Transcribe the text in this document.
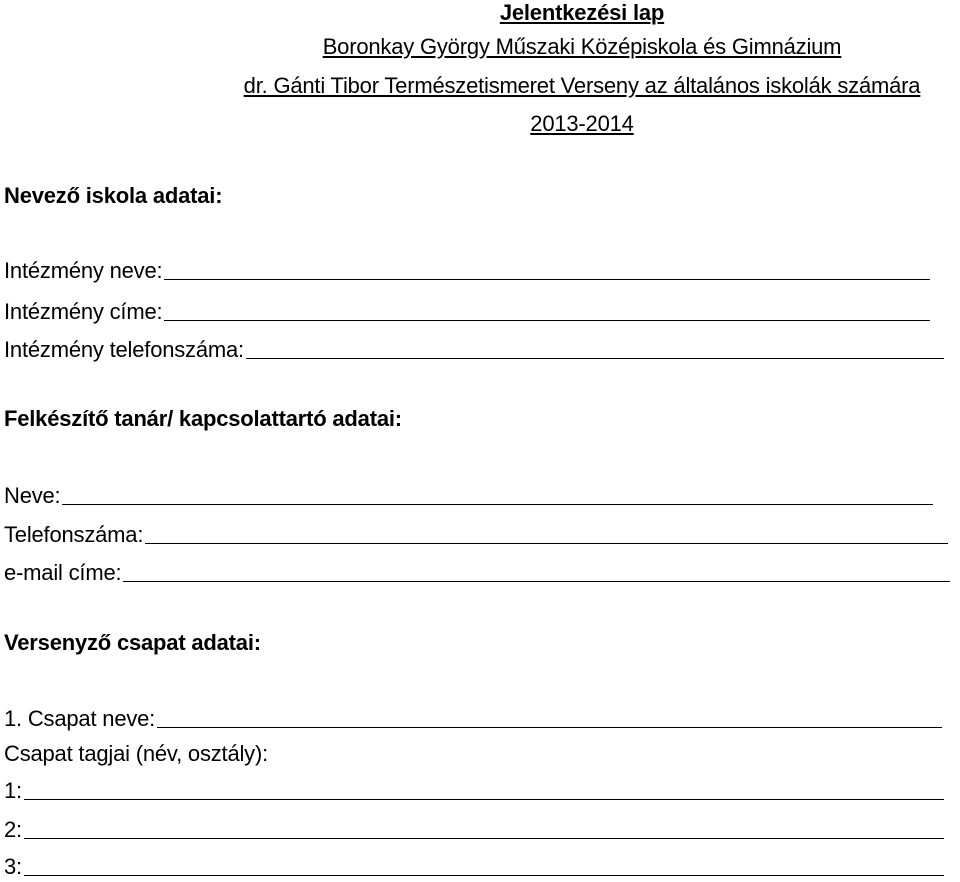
Jelentkezési lap
Boronkay György Műszaki Középiskola és Gimnázium
dr. Gánti Tibor Természetismeret Verseny az általános iskolák számára
2013-2014
Nevező iskola adatai:
Intézmény neve:
Intézmény címe:
Intézmény telefonszáma:
Felkészítő tanár/ kapcsolattartó adatai:
Neve:
Telefonszáma:
e-mail címe:
Versenyző csapat adatai:
1. Csapat neve:
Csapat tagjai (név, osztály):
1:
2:
3:
